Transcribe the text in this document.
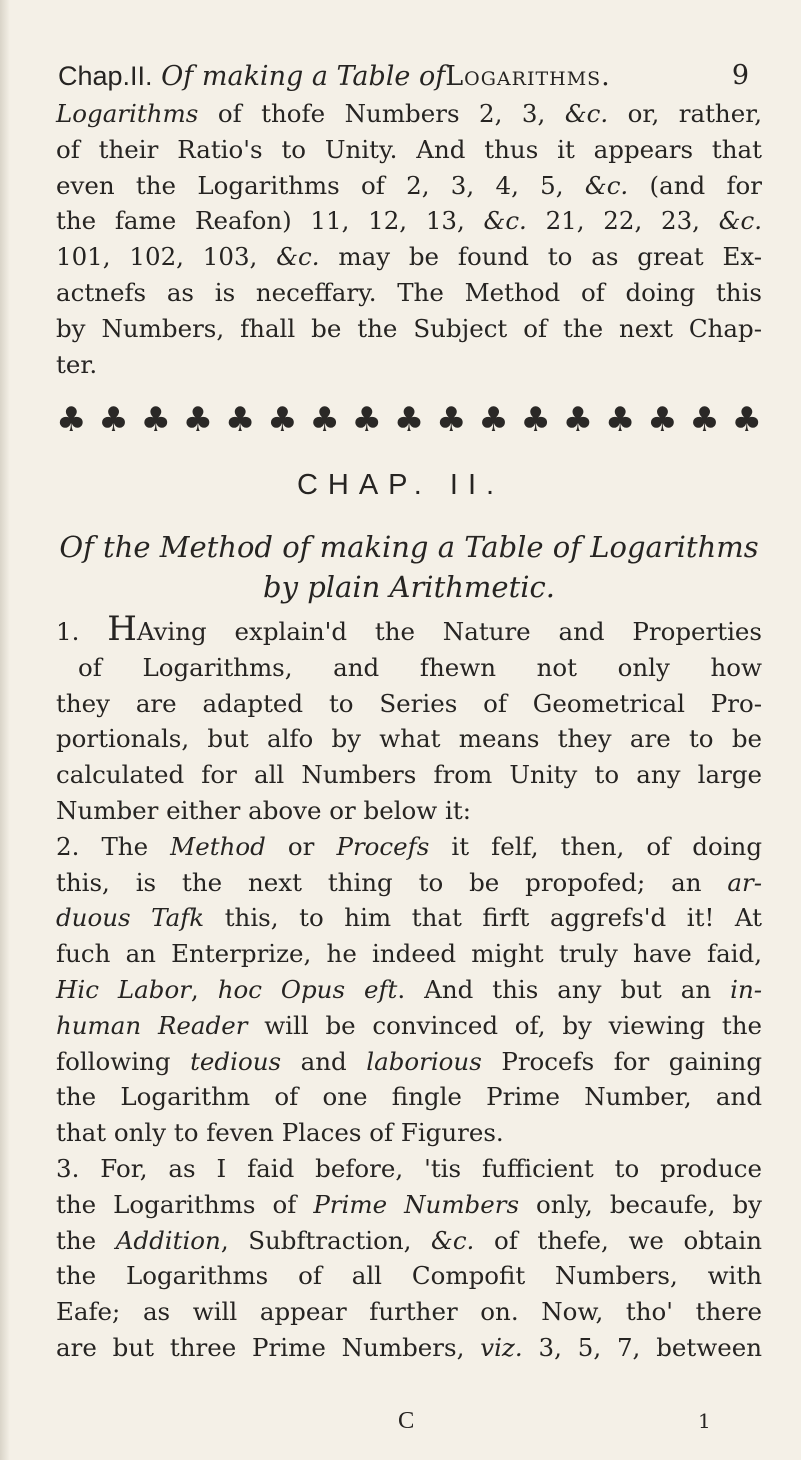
Chap.II. Of making a Table ofLogarithms.	9
Logarithms of thofe Numbers 2, 3, &c. or, rather,
of their Ratio's to Unity. And thus it appears that
even the Logarithms of 2, 3, 4, 5, &c. (and for
the fame Reafon) 11, 12, 13, &c. 21, 22, 23, &c.
101, 102, 103, &c. may be found to as great Ex-
actnefs as is neceffary. The Method of doing this
by Numbers, fhall be the Subject of the next Chap-
ter.
♣ ♣ ♣ ♣ ♣ ♣ ♣ ♣ ♣ ♣ ♣ ♣ ♣ ♣ ♣ ♣ ♣
CHAP. II.
Of the Method of making a Table of Logarithms
by plain Arithmetic.
1. HAving explain'd the Nature and Properties
of Logarithms, and fhewn not only how
they are adapted to Series of Geometrical Pro-
portionals, but alfo by what means they are to be
calculated for all Numbers from Unity to any large
Number either above or below it:
2. The Method or Procefs it felf, then, of doing
this, is the next thing to be propofed; an ar-
duous Tafk this, to him that firft aggrefs'd it! At
fuch an Enterprize, he indeed might truly have faid,
Hic Labor, hoc Opus eft. And this any but an in-
human Reader will be convinced of, by viewing the
following tedious and laborious Procefs for gaining
the Logarithm of one fingle Prime Number, and
that only to feven Places of Figures.
3. For, as I faid before, 'tis fufficient to produce
the Logarithms of Prime Numbers only, becaufe, by
the Addition, Subftraction, &c. of thefe, we obtain
the Logarithms of all Compofit Numbers, with
Eafe; as will appear further on. Now, tho' there
are but three Prime Numbers, viz. 3, 5, 7, between
C	1
